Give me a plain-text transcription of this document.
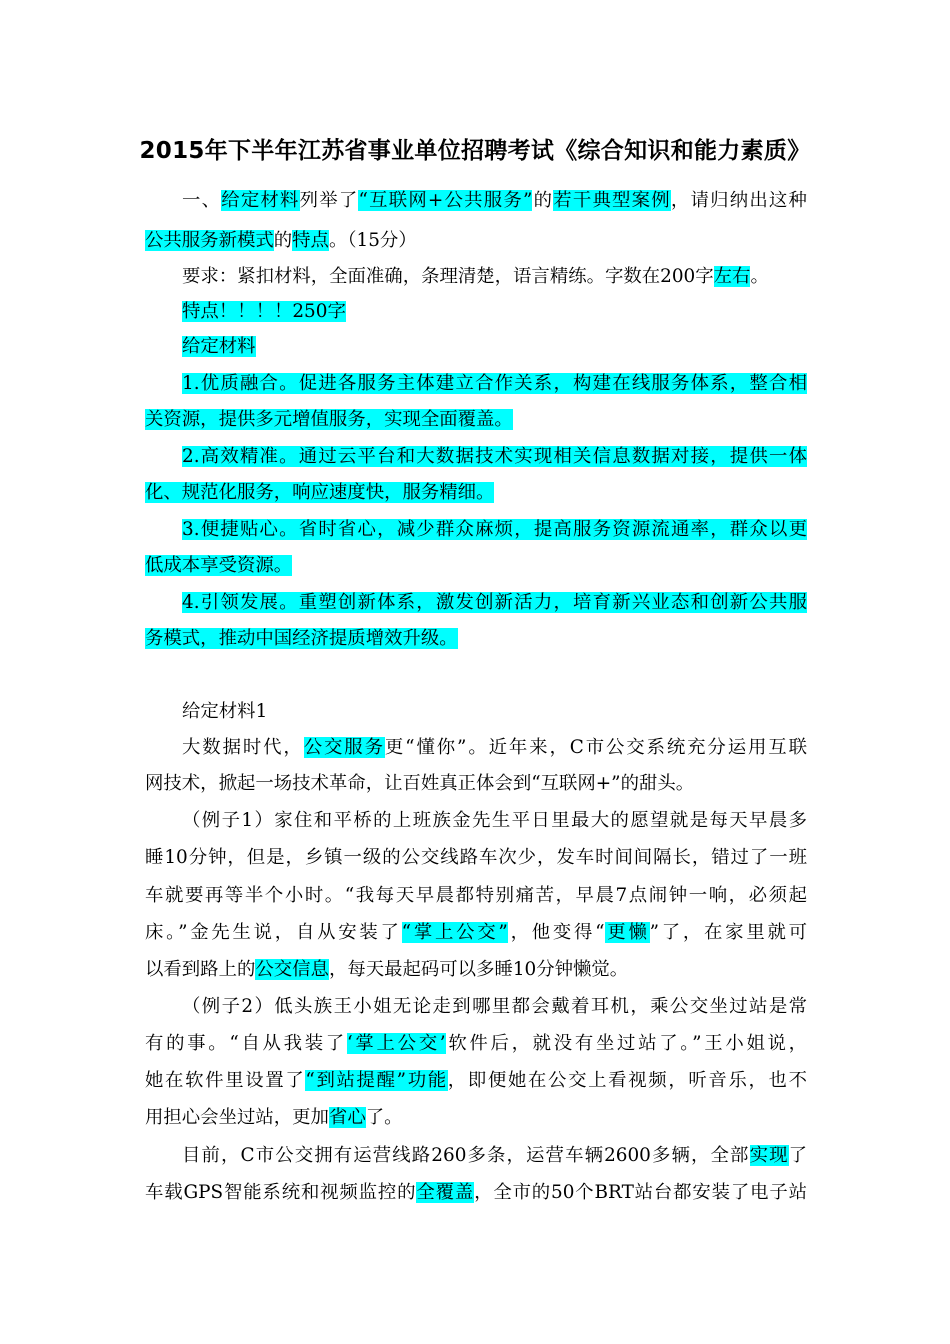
2015年下半年江苏省事业单位招聘考试《综合知识和能力素质》
一、给定材料列举了“互联网+公共服务”的若干典型案例，请归纳出这种
公共服务新模式的特点。（15分）
要求：紧扣材料，全面准确，条理清楚，语言精练。字数在200字左右。
特点！！！！250字
给定材料
1.优质融合。促进各服务主体建立合作关系，构建在线服务体系，整合相
关资源，提供多元增值服务，实现全面覆盖。
2.高效精准。通过云平台和大数据技术实现相关信息数据对接，提供一体
化、规范化服务，响应速度快，服务精细。
3.便捷贴心。省时省心，减少群众麻烦，提高服务资源流通率，群众以更
低成本享受资源。
4.引领发展。重塑创新体系，激发创新活力，培育新兴业态和创新公共服
务模式，推动中国经济提质增效升级。
给定材料1
大数据时代，公交服务更“懂你”。近年来，C市公交系统充分运用互联
网技术，掀起一场技术革命，让百姓真正体会到“互联网+”的甜头。
（例子1）家住和平桥的上班族金先生平日里最大的愿望就是每天早晨多
睡10分钟，但是，乡镇一级的公交线路车次少，发车时间间隔长，错过了一班
车就要再等半个小时。“我每天早晨都特别痛苦，早晨7点闹钟一响，必须起
床。”金先生说，自从安装了“掌上公交”，他变得“更懒”了，在家里就可
以看到路上的公交信息，每天最起码可以多睡10分钟懒觉。
（例子2）低头族王小姐无论走到哪里都会戴着耳机，乘公交坐过站是常
有的事。“自从我装了‘掌上公交’软件后，就没有坐过站了。”王小姐说，
她在软件里设置了“到站提醒”功能，即便她在公交上看视频，听音乐，也不
用担心会坐过站，更加省心了。
目前，C市公交拥有运营线路260多条，运营车辆2600多辆，全部实现了
车载GPS智能系统和视频监控的全覆盖，全市的50个BRT站台都安装了电子站
